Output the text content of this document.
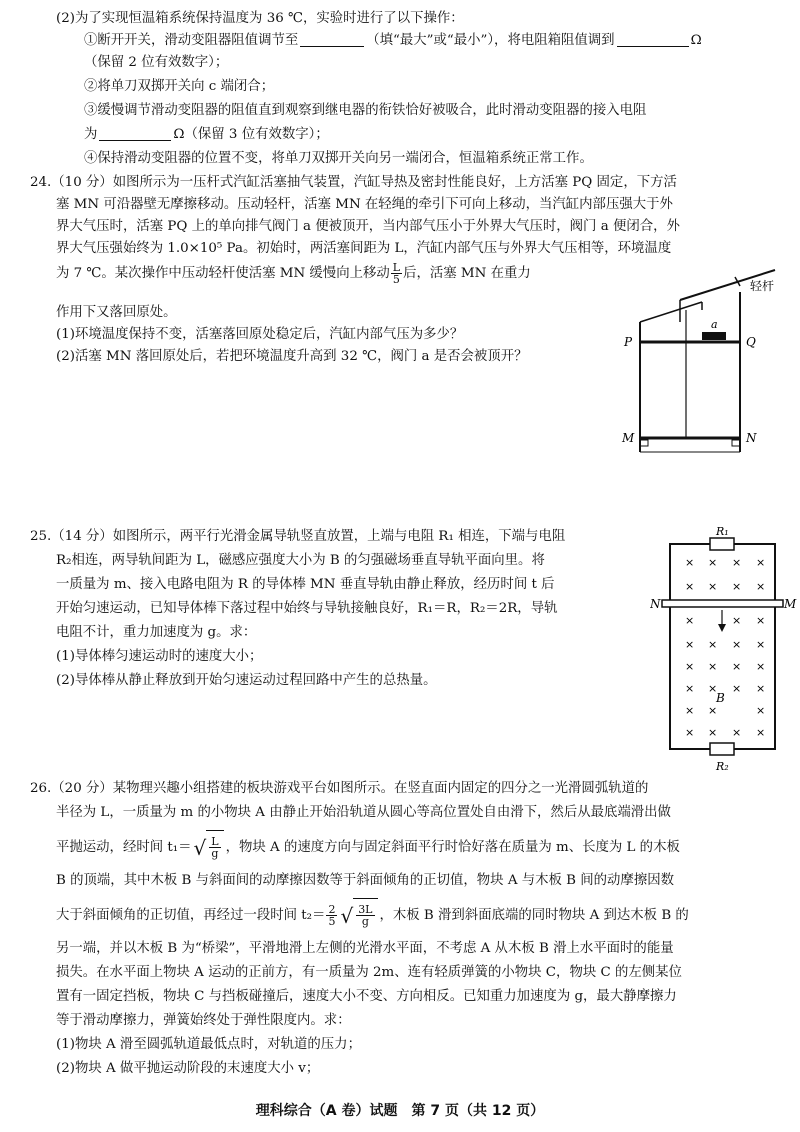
(2)为了实现恒温箱系统保持温度为 36 ℃，实验时进行了以下操作：
①断开开关，滑动变阻器阻值调节至	（填“最大”或“最小”），将电阻箱阻值调到	Ω
（保留 2 位有效数字）；
②将单刀双掷开关向 c 端闭合；
③缓慢调节滑动变阻器的阻值直到观察到继电器的衔铁恰好被吸合，此时滑动变阻器的接入电阻
为	Ω（保留 3 位有效数字）；
④保持滑动变阻器的位置不变，将单刀双掷开关向另一端闭合，恒温箱系统正常工作。
24.（10 分）如图所示为一压杆式汽缸活塞抽气装置，汽缸导热及密封性能良好，上方活塞 PQ 固定，下方活
塞 MN 可沿器壁无摩擦移动。压动轻杆，活塞 MN 在轻绳的牵引下可向上移动，当汽缸内部压强大于外
界大气压时，活塞 PQ 上的单向排气阀门 a 便被顶开，当内部气压小于外界大气压时，阀门 a 便闭合，外
界大气压强始终为 1.0×10⁵ Pa。初始时，两活塞间距为 L，汽缸内部气压与外界大气压相等，环境温度
为 7 ℃。某次操作中压动轻杆使活塞 MN 缓慢向上移动 $\frac{L}{5}$ 后，活塞 MN 在重力
作用下又落回原处。
(1)环境温度保持不变，活塞落回原处稳定后，汽缸内部气压为多少？
(2)活塞 MN 落回原处后，若把环境温度升高到 32 ℃，阀门 a 是否会被顶开？
轻杆
a
P	Q
M	N
25.（14 分）如图所示，两平行光滑金属导轨竖直放置，上端与电阻 R₁ 相连，下端与电阻
R₂相连，两导轨间距为 L，磁感应强度大小为 B 的匀强磁场垂直导轨平面向里。将
一质量为 m、接入电路电阻为 R 的导体棒 MN 垂直导轨由静止释放，经历时间 t 后
开始匀速运动，已知导体棒下落过程中始终与导轨接触良好，R₁＝R，R₂＝2R，导轨
电阻不计，重力加速度为 g。求：
(1)导体棒匀速运动时的速度大小；
(2)导体棒从静止释放到开始匀速运动过程回路中产生的总热量。
R₁
R₂
N	M
B
× × × ×
× × × ×
×	× ×
× × × ×
× × × ×
× × × ×
× ×	×
× × × ×
26.（20 分）某物理兴趣小组搭建的板块游戏平台如图所示。在竖直面内固定的四分之一光滑圆弧轨道的
半径为 L，一质量为 m 的小物块 A 由静止开始沿轨道从圆心等高位置处自由滑下，然后从最底端滑出做
平抛运动，经时间 t₁＝ √ $\frac{L}{g}$ ，物块 A 的速度方向与固定斜面平行时恰好落在质量为 m、长度为 L 的木板
B 的顶端，其中木板 B 与斜面间的动摩擦因数等于斜面倾角的正切值，物块 A 与木板 B 间的动摩擦因数
大于斜面倾角的正切值，再经过一段时间 $t_2= \frac{2}{5}$ √ $\frac{3L}{g}$ ，木板 B 滑到斜面底端的同时物块 A 到达木板 B 的
另一端，并以木板 B 为“桥梁”，平滑地滑上左侧的光滑水平面，不考虑 A 从木板 B 滑上水平面时的能量
损失。在水平面上物块 A 运动的正前方，有一质量为 2m、连有轻质弹簧的小物块 C，物块 C 的左侧某位
置有一固定挡板，物块 C 与挡板碰撞后，速度大小不变、方向相反。已知重力加速度为 g，最大静摩擦力
等于滑动摩擦力，弹簧始终处于弹性限度内。求：
(1)物块 A 滑至圆弧轨道最低点时，对轨道的压力；
(2)物块 A 做平抛运动阶段的末速度大小 v；
理科综合（A 卷）试题　第 7 页（共 12 页）
